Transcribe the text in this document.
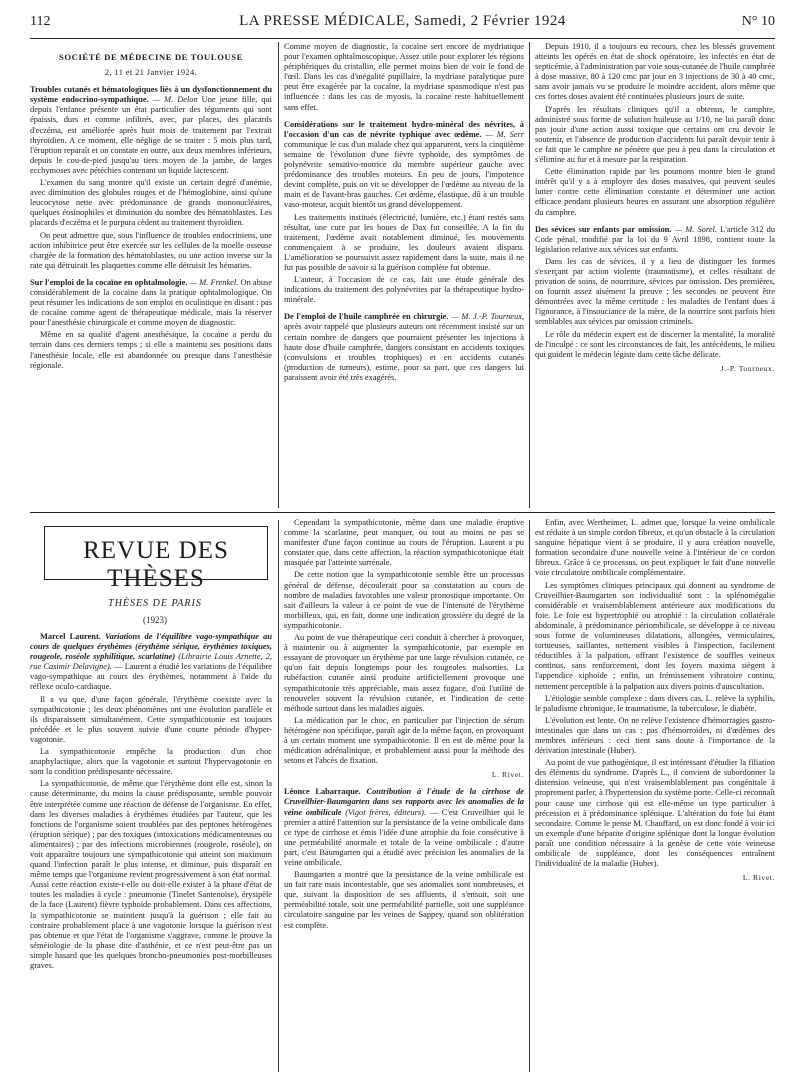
112	LA PRESSE MÉDICALE, Samedi, 2 Février 1924	N° 10
SOCIÉTÉ DE MÉDECINE DE TOULOUSE
2, 11 et 21 Janvier 1924.

Troubles cutanés et hématologiques liés à un dysfonctionnement du système endocrino-sympathique. — M. Delon Une jeune fille, qui depuis l'enfance présente un état particulier des téguments qui sont épaissis, durs et comme infiltrés, avec, par places, des placards d'eczéma, est améliorée après huit mois de traitement par l'extrait thyroïdien. A ce moment, elle néglige de se traiter : 5 mois plus tard, l'éruption reparaît et on constate en outre, aux deux membres inférieurs, depuis le cou-de-pied jusqu'au tiers moyen de la jambe, de larges ecchymoses avec pétéchies contenant un liquide lactescent.

L'examen du sang montre qu'il existe un certain degré d'anémie, avec diminution des globules rouges et de l'hémoglobine, ainsi qu'une leucocytose nette avec prédominance de grands mononucléaires, quelques éosinophiles et diminution du nombre des hématoblastes. Les placards d'eczéma et le purpura cèdent au traitement thyroïdien.

On peut admettre que, sous l'influence de troubles endocriniens, une action inhibitrice peut être exercée sur les cellules de la moelle osseuse chargée de la formation des hématoblastes, ou une action inverse sur la rate qui détruirait les plaquettes comme elle détruisit les hématies.

Sur l'emploi de la cocaïne en ophtalmologie. — M. Frenkel. On abuse considérablement de la cocaïne dans la pratique ophtalmologique. On peut résumer les indications de son emploi en oculistique en disant : pas de cocaïne comme agent de thérapeutique médicale, mais la réserver pour l'anesthésie chirurgicale et comme moyen de diagnostic.

Même en sa qualité d'agent anesthésique, la cocaïne a perdu du terrain dans ces derniers temps ; si elle a maintenu ses positions dans l'anesthésie locale, elle est abandonnée ou presque dans l'anesthésie régionale.

Comme moyen de diagnostic, la cocaïne sert encore de mydriatique pour l'examen ophtalmoscopique. Assez utile pour explorer les régions périphériques du cristallin, elle permet moins bien de voir le fond de l'œil. Dans les cas d'inégalité pupillaire, la mydriase paralytique pure peut être exagérée par la cocaïne, la mydriase spasmodique n'est pas influencée : dans les cas de myosis, la cocaïne reste habituellement sans effet.

Considérations sur le traitement hydro-minéral des névrites, à l'occasion d'un cas de névrite typhique avec œdème. — M. Serr communique le cas d'un malade chez qui apparurent, vers la cinquième semaine de l'évolution d'une fièvre typhoïde, des symptômes de polynévrite sensitivo-motrice du membre supérieur gauche avec prédominance des troubles moteurs. En peu de jours, l'impotence devint complète, puis on vit se développer de l'œdème au niveau de la main et de l'avant-bras gauches. Cet œdème, élastique, dû à un trouble vaso-moteur, acquit bientôt un grand développement.

Les traitements institués (électricité, lumière, etc.) étant restés sans résultat, une cure par les boues de Dax fut conseillée. A la fin du traitement, l'œdème avait notablement diminué, les mouvements commençaient à se produire, les douleurs avaient disparu. L'amélioration se poursuivit assez rapidement dans la suite, mais il ne fut pas possible de savoir si la guérison complète fut obtenue.

L'auteur, à l'occasion de ce cas, fait une étude générale des indications du traitement des polynévrites par la thérapeutique hydro-minérale.

De l'emploi de l'huile camphrée en chirurgie. — M. J.-P. Tourneux, après avoir rappelé que plusieurs auteurs ont récemment insisté sur un certain nombre de dangers que pourraient présenter les injections à haute dose d'huile camphrée, dangers consistant en accidents toxiques (convulsions et troubles trophiques) et en accidents cutanés (production de tumeurs), estime, pour sa part, que ces dangers lui paraissent avoir été très exagérés.

Depuis 1910, il a toujours eu recours, chez les blessés gravement atteints les opérés en état de shock opératoire, les infectés en état de septicémie, à l'administration par voie sous-cutanée de l'huile camphrée à dose massive, 80 à 120 cmc par jour en 3 injections de 30 à 40 cmc, sans avoir jamais vu se produire le moindre accident, alors même que ces fortes doses avaient été continuées plusieurs jours de suite.

D'après les résultats cliniques qu'il a obtenus, le camphre, administré sous forme de solution huileuse au 1/10, ne lui paraît donc pas jouir d'une action aussi toxique que certains ont cru devoir le soutenir, et l'absence de production d'accidents lui paraît devoir tenir à ce fait que le camphre ne pénètre que peu à peu dans la circulation et s'élimine au fur et à mesure par la respiration.

Cette élimination rapide par les poumons montre bien le grand intérêt qu'il y a à employer des doses massives, qui peuvent seules lutter contre cette élimination constante et déterminer une action efficace pendant plusieurs heures en assurant une absorption régulière du camphre.

Des sévices sur enfants par omission. — M. Sorel. L'article 312 du Code pénal, modifié par la loi du 9 Avril 1898, contient toute la législation relative aux sévices sur enfants.

Dans les cas de sévices, il y a lieu de distinguer les formes s'exerçant par action violente (traumatisme), et celles résultant de privation de soins, de nourriture, sévices par omission. Des premières, on fournit assez aisément la preuve ; les secondes ne peuvent être démontrées avec la même certitude : les maladies de l'enfant dues à l'ignorance, à l'insouciance de la mère, de la nourrice sont parfois bien semblables aux sévices par omission criminels.

Le rôle du médecin expert est de discerner la mentalité, la moralité de l'inculpé : ce sont les circonstances de fait, les antécédents, le milieu qui guident le médecin légiste dans cette tâche délicate.

J.-P. Tourneux.
REVUE DES THÈSES
THÈSES DE PARIS
(1923)

Marcel Laurent. Variations de l'équilibre vago-sympathique au cours de quelques érythèmes (érythème sérique, érythèmes toxiques, rougeole, roséole syphilitique, scarlatine) (Librairie Louis Arnette, 2, rue Casimir Delavigne). — Laurent a étudié les variations de l'équilibre vago-sympathique au cours des érythèmes, notamment à l'aide du réflexe oculo-cardiaque.

Il a vu que, d'une façon générale, l'érythème coexiste avec la sympathicotonie ; les deux phénomènes ont une évolution parallèle et ils disparaissent simultanément. Cette sympathicotonie est toujours précédée et le plus souvent suivie d'une courte période d'hyper-vagotonie.

La sympathicotonie empêche la production d'un choc anaphylactique, alors que la vagotonie et surtout l'hypervagotonie en sont la condition prédisposante nécessaire.

La sympathicotonie, de même que l'érythème dont elle est, sinon la cause déterminante, du moins la cause prédisposante, semble pouvoir être interprétée comme une réaction de défense de l'organisme. En effet, dans les diverses maladies à érythèmes étudiées par l'auteur, que les fonctions de l'organisme soient troublées par des peptones hétérogènes (éruption sérique) ; par des toxiques (intoxications médicamenteuses ou alimentaires) ; par des infections microbiennes (rougeole, roséole), on voit apparaître toujours une sympathicotonie qui atteint son maximum quand l'infection paraît le plus intense, et diminue, puis disparaît en même temps que l'organisme revient progressivement à son état normal. Aussi cette réaction existe-t-elle ou doit-elle exister à la phase d'état de toutes les maladies à cycle : pneumonie (Tinelet Santenoise), érysipèle de la face (Laurent) fièvre typhoïde probablement. Dans ces affections, la sympathicotonie se maintient jusqu'à la guérison ; elle fait au contraire probablement place à une vagotonie lorsque la guérison n'est pas obtenue et que l'état de l'organisme s'aggrave, comme le prouve la séméiologie de la phase dite d'asthénie, et ce n'est peut-être pas un simple hasard que les quelques broncho-pneumonies post-morbilleuses graves.

Cependant la sympathicotonie, même dans une maladie éruptive comme la scarlatine, peut manquer, ou tout au moins ne pas se manifester d'une façon continue au cours de l'éruption. Laurent a pu constater que, dans cette affection, la réaction sympathicotonique était masquée par l'atteinte surrénale.

De cette notion que la sympathicotonie semble être un processus général de défense, découlerait pour sa constatation au cours de nombre de maladies favorables une valeur pronostique importante. On sait d'ailleurs la valeur à ce point de vue de l'intensité de l'érythème morbilleux, qui, en fait, donne une indication grossière du degré de la sympathicotonie.

Au point de vue thérapeutique ceci conduit à chercher à provoquer, à maintenir ou à augmenter la sympathicotonie, par exemple en essayant de provoquer un érythème par une large révulsion cutanée, ce qu'on fait depuis longtemps pour les rougeoles malsorties. La rubéfaction cutanée ainsi produite artificiellement provoque une sympathicotonie très appréciable, mais assez fugace, d'où l'utilité de renouveler souvent la révulsion cutanée, et l'indication de cette méthode surtout dans les maladies aiguës.

La médication par le choc, en particulier par l'injection de sérum hétérogène non spécifique, paraît agir de la même façon, en provoquant à un certain moment une sympathicotonie. Il en est de même pour la médication adrénalinique, et probablement aussi pour la méthode des setons et l'abcès de fixation.

L. Rivet.

Léonce Labarraque. Contribution à l'étude de la cirrhose de Cruveilhier-Baumgarten dans ses rapports avec les anomalies de la veine ombilicale (Vigot frères, éditeurs). — C'est Cruveilhier qui le premier a attiré l'attention sur la persistance de la veine ombilicale dans ce type de cirrhose et émis l'idée d'une atrophie du foie consécutive à une perméabilité anormale et totale de la veine ombilicale ; d'autre part, c'est Baumgarten qui a étudié avec précision les anomalies de la veine ombilicale.

Baumgarten a montré que la persistance de la veine ombilicale est un fait rare mais incontestable, que ses anomalies sont nombreuses, et que, suivant la disposition de ses affluents, il s'ensuit, soit une perméabilité totale, soit une perméabilité partielle, soit une suppléance circulatoire sanguine par les veines de Sappey, quand son oblitération est complète.

Enfin, avec Wertheimer, L. admet que, lorsque la veine ombilicale est réduite à un simple cordon fibreux, et qu'un obstacle à la circulation sanguine hépatique vient à se produire, il y aura création nouvelle, formation secondaire d'une nouvelle veine à l'intérieur de ce cordon fibreux. Grâce à ce processus, on peut expliquer le fait d'une nouvelle voie circulatoire ombilicale complémentaire.

Les symptômes cliniques principaux qui donnent au syndrome de Cruveilhier-Baumgarten son individualité sont : la splénomégalie considérable et vraisemblablement antérieure aux modifications du foie. Le foie est hypertrophié ou atrophié : la circulation collatérale abdominale, à prédominance périombilicale, se développe à ce niveau sous forme de volumineuses dilatations, allongées, vermiculaires, tortueuses, saillantes, nettement visibles à l'inspection, facilement réductibles à la palpation, offrant l'existence de souffles veineux continus, sans renforcement, dont les foyers maxima siègent à l'appendice xiphoïde ; enfin, un frémissement vibratoire continu, nettement perceptible à la palpation aux divers points d'auscultation.

L'étiologie semble complexe : dans divers cas, L. relève la syphilis, le paludisme chronique, le traumatisme, la tuberculose, le diabète.

L'évolution est lente. On ne relève l'existence d'hémorragies gastro-intestinales que dans un cas ; pas d'hémorroïdes, ni d'œdèmes des membres inférieurs : ceci tient sans doute à l'importance de la dérivation intestinale (Huber).

Au point de vue pathogénique, il est intéressant d'étudier la filiation des éléments du syndrome. D'après L., il convient de subordonner la distension veineuse, qui n'est vraisemblablement pas congénitale à proprement parler, à l'hypertension du système porte. Celle-ci reconnaît pour cause une cirrhose qui est elle-même un type particulier à précession et à prédominance splénique. L'altération du foie lui étant secondaire. Comme le pense M. Chauffard, on est donc fondé à voir ici un exemple d'une hépatite d'origine splénique dont la longue évolution paraît une condition nécessaire à la genèse de cette voie veineuse ombilicale de suppléance, dont les conséquences entraînent l'individualité de la maladie (Huber).

L. Rivet.
